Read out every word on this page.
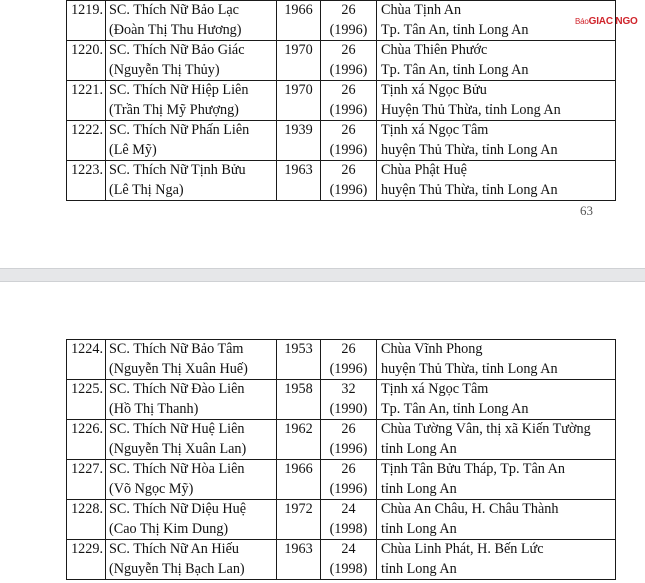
1219.	SC. Thích Nữ Bảo Lạc
(Đoàn Thị Thu Hương)	1966	26
(1996)	Chùa Tịnh An
Tp. Tân An, tỉnh Long An

1220.	SC. Thích Nữ Bảo Giác
(Nguyễn Thị Thủy)	1970	26
(1996)	Chùa Thiên Phước
Tp. Tân An, tỉnh Long An

1221.	SC. Thích Nữ Hiệp Liên
(Trần Thị Mỹ Phượng)	1970	26
(1996)	Tịnh xá Ngọc Bửu
Huyện Thủ Thừa, tỉnh Long An

1222.	SC. Thích Nữ Phấn Liên
(Lê Mỹ)	1939	26
(1996)	Tịnh xá Ngọc Tâm
huyện Thủ Thừa, tỉnh Long An

1223.	SC. Thích Nữ Tịnh Bửu
(Lê Thị Nga)	1963	26
(1996)	Chùa Phật Huệ
huyện Thủ Thừa, tỉnh Long An
63
BáoGIAC NGO
1224.	SC. Thích Nữ Bảo Tâm
(Nguyễn Thị Xuân Huế)	1953	26
(1996)	Chùa Vĩnh Phong
huyện Thủ Thừa, tỉnh Long An

1225.	SC. Thích Nữ Đào Liên
(Hồ Thị Thanh)	1958	32
(1990)	Tịnh xá Ngọc Tâm
Tp. Tân An, tỉnh Long An

1226.	SC. Thích Nữ Huệ Liên
(Nguyễn Thị Xuân Lan)	1962	26
(1996)	Chùa Tường Vân, thị xã Kiến Tường
tỉnh Long An

1227.	SC. Thích Nữ Hòa Liên
(Võ Ngọc Mỹ)	1966	26
(1996)	Tịnh Tân Bửu Tháp, Tp. Tân An
tỉnh Long An

1228.	SC. Thích Nữ Diệu Huệ
(Cao Thị Kim Dung)	1972	24
(1998)	Chùa An Châu, H. Châu Thành
tỉnh Long An

1229.	SC. Thích Nữ An Hiếu
(Nguyễn Thị Bạch Lan)	1963	24
(1998)	Chùa Linh Phát, H. Bến Lức
tỉnh Long An
